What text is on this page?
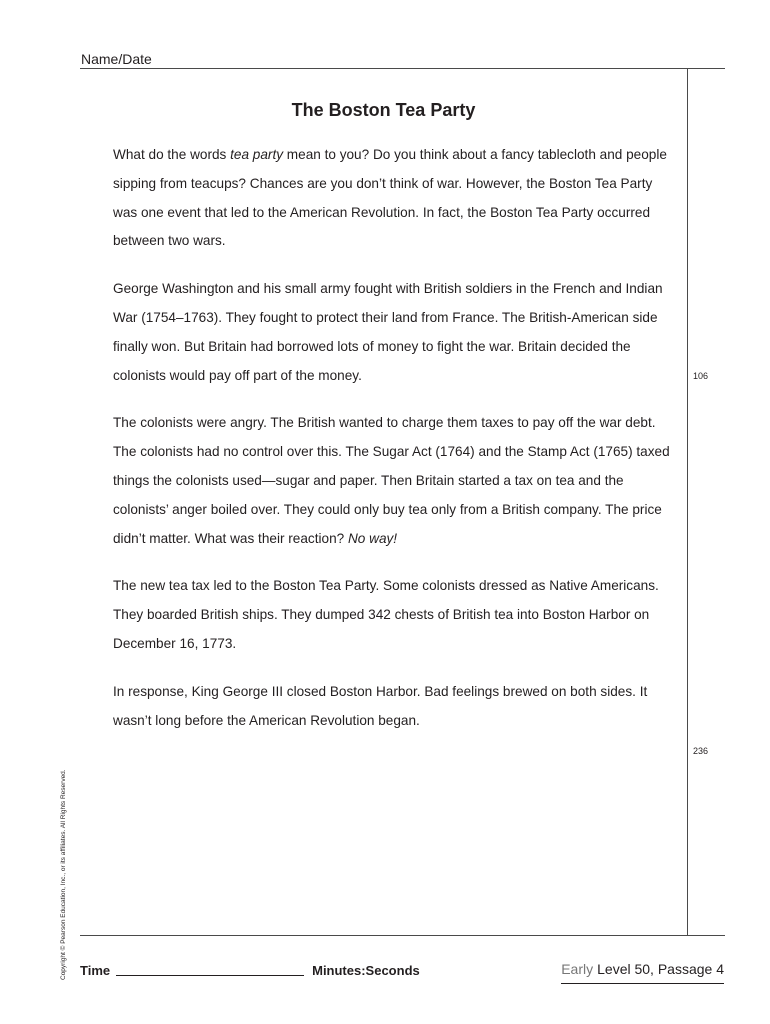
Name/Date
The Boston Tea Party

What do the words tea party mean to you? Do you think about a fancy tablecloth and people sipping from teacups? Chances are you don’t think of war. However, the Boston Tea Party was one event that led to the American Revolution. In fact, the Boston Tea Party occurred between two wars.

George Washington and his small army fought with British soldiers in the French and Indian War (1754–1763). They fought to protect their land from France. The British-American side finally won. But Britain had borrowed lots of money to fight the war. Britain decided the colonists would pay off part of the money.

The colonists were angry. The British wanted to charge them taxes to pay off the war debt. The colonists had no control over this. The Sugar Act (1764) and the Stamp Act (1765) taxed things the colonists used—sugar and paper. Then Britain started a tax on tea and the colonists’ anger boiled over. They could only buy tea only from a British company. The price didn’t matter. What was their reaction? No way!

The new tea tax led to the Boston Tea Party. Some colonists dressed as Native Americans. They boarded British ships. They dumped 342 chests of British tea into Boston Harbor on December 16, 1773.

In response, King George III closed Boston Harbor. Bad feelings brewed on both sides. It wasn’t long before the American Revolution began.

106
236
Copyright © Pearson Education, Inc., or its affiliates. All Rights Reserved. Time	Minutes:Seconds	Early Level 50, Passage 4
